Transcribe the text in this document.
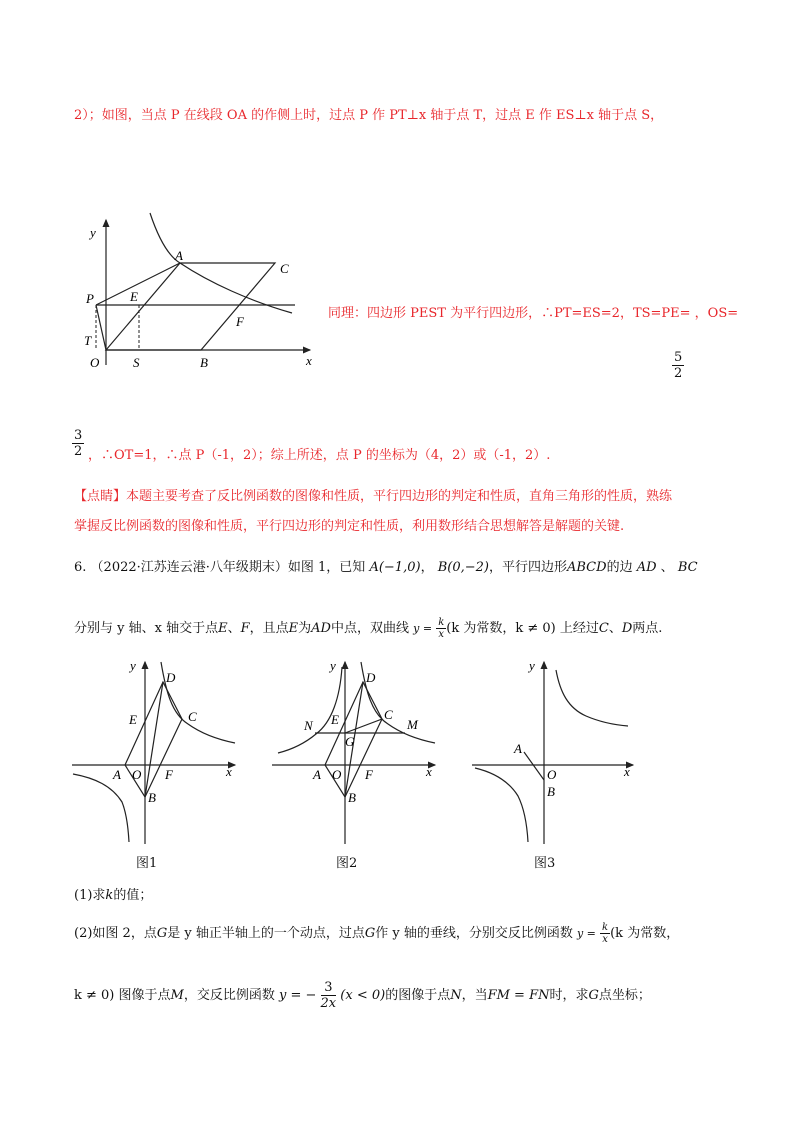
2）；如图，当点 P 在线段 OA 的作侧上时，过点 P 作 PT⊥x 轴于点 T，过点 E 作 ES⊥x 轴于点 S，
y
x
O
A
C
P	E
F
T
S	B
同理：四边形 PEST 为平行四边形，∴PT=ES=2，TS=PE= ，OS=
$\frac{5}{2}$
$\frac{3}{2}$ ，∴OT=1，∴点 P（-1，2）；综上所述，点 P 的坐标为（4，2）或（-1，2）.
【点睛】本题主要考查了反比例函数的图像和性质，平行四边形的判定和性质，直角三角形的性质，熟练
掌握反比例函数的图像和性质，平行四边形的判定和性质，利用数形结合思想解答是解题的关键.
6. （2022·江苏连云港·八年级期末）如图 1，已知 A(−1,0)， B(0,−2)，平行四边形ABCD的边 AD 、 BC
分别与 y 轴、x 轴交于点E、F，且点E为AD中点，双曲线 $y = \frac{k}{x}(k$ 为常数，k ≠ 0) 上经过C、D两点.
y
x
O
A
B
C
D
E
F
图1
y
x
O
A
B
C
D
E
F
G
N	M
图2
y
x
O
A
B
图3
(1)求k的值；
(2)如图 2，点G是 y 轴正半轴上的一个动点，过点G作 y 轴的垂线，分别交反比例函数 $y = \frac{k}{x}(k$ 为常数，
k ≠ 0) 图像于点M，交反比例函数 y = − $\frac{3}{2x} (x < 0)$的图像于点N，当FM = FN时，求G点坐标；
